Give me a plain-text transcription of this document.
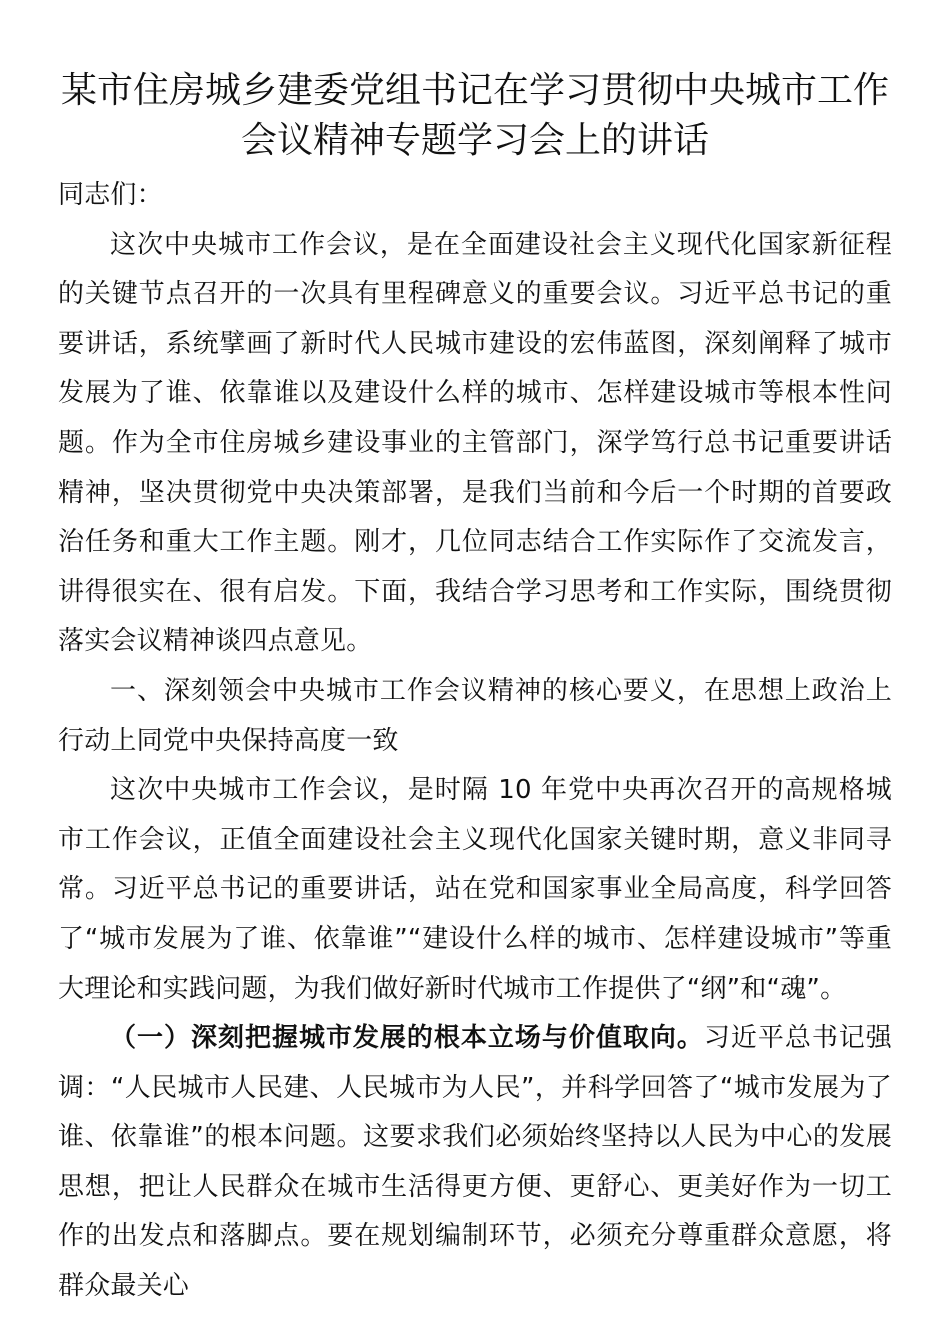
某市住房城乡建委党组书记在学习贯彻中央城市工作
会议精神专题学习会上的讲话

同志们：

这次中央城市工作会议，是在全面建设社会主义现代化国家新征程的关键节点召开的一次具有里程碑意义的重要会议。习近平总书记的重要讲话，系统擘画了新时代人民城市建设的宏伟蓝图，深刻阐释了城市发展为了谁、依靠谁以及建设什么样的城市、怎样建设城市等根本性问题。作为全市住房城乡建设事业的主管部门，深学笃行总书记重要讲话精神，坚决贯彻党中央决策部署，是我们当前和今后一个时期的首要政治任务和重大工作主题。刚才，几位同志结合工作实际作了交流发言，讲得很实在、很有启发。下面，我结合学习思考和工作实际，围绕贯彻落实会议精神谈四点意见。

一、深刻领会中央城市工作会议精神的核心要义，在思想上政治上行动上同党中央保持高度一致

这次中央城市工作会议，是时隔 10 年党中央再次召开的高规格城市工作会议，正值全面建设社会主义现代化国家关键时期，意义非同寻常。习近平总书记的重要讲话，站在党和国家事业全局高度，科学回答了“城市发展为了谁、依靠谁”“建设什么样的城市、怎样建设城市”等重大理论和实践问题，为我们做好新时代城市工作提供了“纲”和“魂”。

（一）深刻把握城市发展的根本立场与价值取向。习近平总书记强调：“人民城市人民建、人民城市为人民”，并科学回答了“城市发展为了谁、依靠谁”的根本问题。这要求我们必须始终坚持以人民为中心的发展思想，把让人民群众在城市生活得更方便、更舒心、更美好作为一切工作的出发点和落脚点。要在规划编制环节，必须充分尊重群众意愿，将群众最关心
